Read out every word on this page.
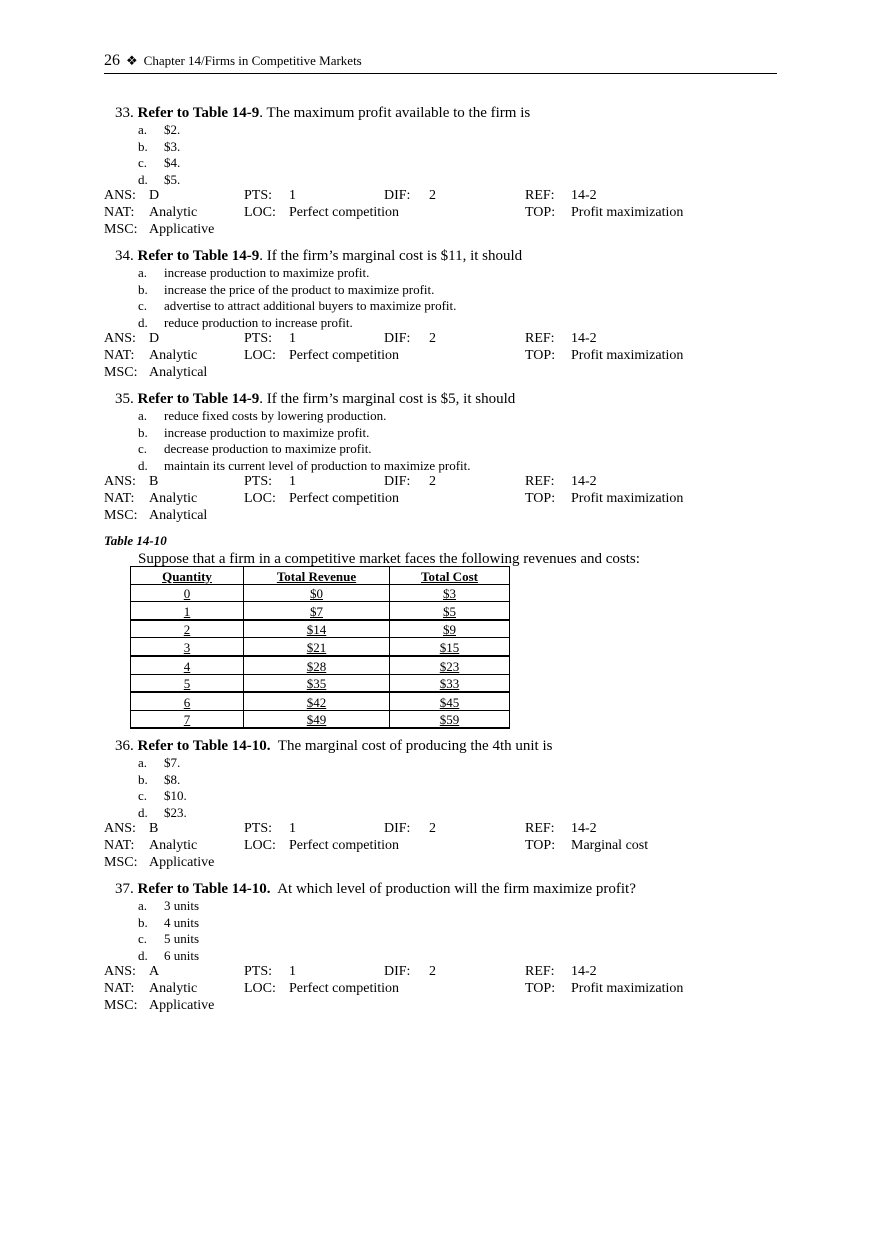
26 ❖ Chapter 14/Firms in Competitive Markets
33. Refer to Table 14-9. The maximum profit available to the firm is
a. $2.
b. $3.
c. $4.
d. $5.
ANS: D	PTS: 1	DIF: 2	REF: 14-2
NAT: Analytic	LOC: Perfect competition	TOP: Profit maximization
MSC: Applicative
34. Refer to Table 14-9. If the firm’s marginal cost is $11, it should
a. increase production to maximize profit.
b. increase the price of the product to maximize profit.
c. advertise to attract additional buyers to maximize profit.
d. reduce production to increase profit.
ANS: D	PTS: 1	DIF: 2	REF: 14-2
NAT: Analytic	LOC: Perfect competition	TOP: Profit maximization
MSC: Analytical
35. Refer to Table 14-9. If the firm’s marginal cost is $5, it should
a. reduce fixed costs by lowering production.
b. increase production to maximize profit.
c. decrease production to maximize profit.
d. maintain its current level of production to maximize profit.
ANS: B	PTS: 1	DIF: 2	REF: 14-2
NAT: Analytic	LOC: Perfect competition	TOP: Profit maximization
MSC: Analytical
Table 14-10
Suppose that a firm in a competitive market faces the following revenues and costs:
Quantity	Total Revenue	Total Cost
0	$0	$3
1	$7	$5
2	$14	$9
3	$21	$15
4	$28	$23
5	$35	$33
6	$42	$45
7	$49	$59
36. Refer to Table 14-10.  The marginal cost of producing the 4th unit is
a. $7.
b. $8.
c. $10.
d. $23.
ANS: B	PTS: 1	DIF: 2	REF: 14-2
NAT: Analytic	LOC: Perfect competition	TOP: Marginal cost
MSC: Applicative
37. Refer to Table 14-10.  At which level of production will the firm maximize profit?
a. 3 units
b. 4 units
c. 5 units
d. 6 units
ANS: A	PTS: 1	DIF: 2	REF: 14-2
NAT: Analytic	LOC: Perfect competition	TOP: Profit maximization
MSC: Applicative
